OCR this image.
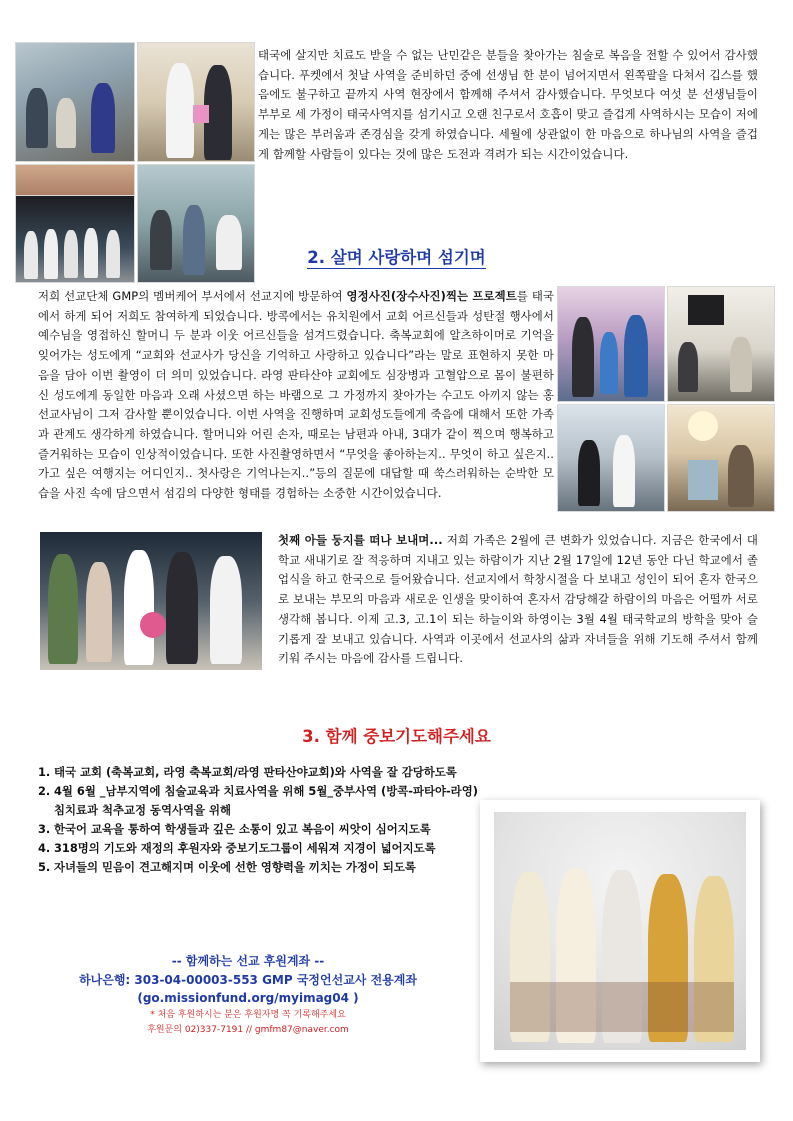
태국에 살지만 치료도 받을 수 없는 난민같은 분들을 찾아가는 침술로 복음을 전할 수 있어서 감사했습니다. 푸켓에서 첫날 사역을 준비하던 중에 선생님 한 분이 넘어지면서 왼쪽팔을 다쳐서 깁스를 했음에도 불구하고 끝까지 사역 현장에서 함께해 주셔서 감사했습니다. 무엇보다 여섯 분 선생님들이 부부로 세 가정이 태국사역지를 섬기시고 오랜 친구로서 호흡이 맞고 즐겁게 사역하시는 모습이 저에게는 많은 부러움과 존경심을 갖게 하였습니다. 세월에 상관없이 한 마음으로 하나님의 사역을 즐겁게 함께할 사람들이 있다는 것에 많은 도전과 격려가 되는 시간이었습니다.

2. 살며 사랑하며 섬기며

저희 선교단체 GMP의 멤버케어 부서에서 선교지에 방문하여 영정사진(장수사진)찍는 프로젝트를 태국에서 하게 되어 저희도 참여하게 되었습니다. 방콕에서는 유치원에서 교회 어르신들과 성탄절 행사에서 예수님을 영접하신 할머니 두 분과 이웃 어르신들을 섬겨드렸습니다. 축복교회에 알츠하이머로 기억을 잊어가는 성도에게 “교회와 선교사가 당신을 기억하고 사랑하고 있습니다”라는 말로 표현하지 못한 마음을 담아 이번 촬영이 더 의미 있었습니다. 라영 판타산야 교회에도 심장병과 고혈압으로 몸이 불편하신 성도에게 동일한 마음과 오래 사셨으면 하는 바램으로 그 가정까지 찾아가는 수고도 아끼지 않는 홍선교사님이 그저 감사할 뿐이었습니다. 이번 사역을 진행하며 교회성도들에게 죽음에 대해서 또한 가족과 관계도 생각하게 하였습니다. 할머니와 어린 손자, 때로는 남편과 아내, 3대가 같이 찍으며 행복하고 즐거워하는 모습이 인상적이었습니다. 또한 사진촬영하면서 “무엇을 좋아하는지.. 무엇이 하고 싶은지.. 가고 싶은 여행지는 어디인지.. 첫사랑은 기억나는지..”등의 질문에 대답할 때 쑥스러워하는 순박한 모습을 사진 속에 담으면서 섬김의 다양한 형태를 경험하는 소중한 시간이었습니다.

첫째 아들 둥지를 떠나 보내며... 저희 가족은 2월에 큰 변화가 있었습니다. 지금은 한국에서 대학교 새내기로 잘 적응하며 지내고 있는 하람이가 지난 2월 17일에 12년 동안 다닌 학교에서 졸업식을 하고 한국으로 들어왔습니다. 선교지에서 학창시절을 다 보내고 성인이 되어 혼자 한국으로 보내는 부모의 마음과 새로운 인생을 맞이하여 혼자서 감당해갈 하람이의 마음은 어떨까 서로 생각해 봅니다. 이제 고.3, 고.1이 되는 하늘이와 하영이는 3월 4월 태국학교의 방학을 맞아 슬기롭게 잘 보내고 있습니다. 사역과 이곳에서 선교사의 삶과 자녀들을 위해 기도해 주셔서 함께 키워 주시는 마음에 감사를 드립니다.

3. 함께 중보기도해주세요
1. 태국 교회 (축복교회, 라영 축복교회/라영 판타산야교회)와 사역을 잘 감당하도록
2. 4월 6월 _남부지역에 침술교육과 치료사역을 위해 5월_중부사역 (방콕-파타야-라영) 침치료과 척추교정 동역사역을 위해
3. 한국어 교육을 통하여 학생들과 깊은 소통이 있고 복음이 씨앗이 심어지도록
4. 318명의 기도와 재정의 후원자와 중보기도그룹이 세워져 지경이 넓어지도록
5. 자녀들의 믿음이 견고해지며 이웃에 선한 영향력을 끼치는 가정이 되도록
-- 함께하는 선교 후원계좌 --
하나은행: 303-04-00003-553 GMP 국정언선교사 전용계좌
(go.missionfund.org/myimag04 )
* 처음 후원하시는 분은 후원자명 꼭 기록해주세요
후원문의 02)337-7191 // gmfm87@naver.com
